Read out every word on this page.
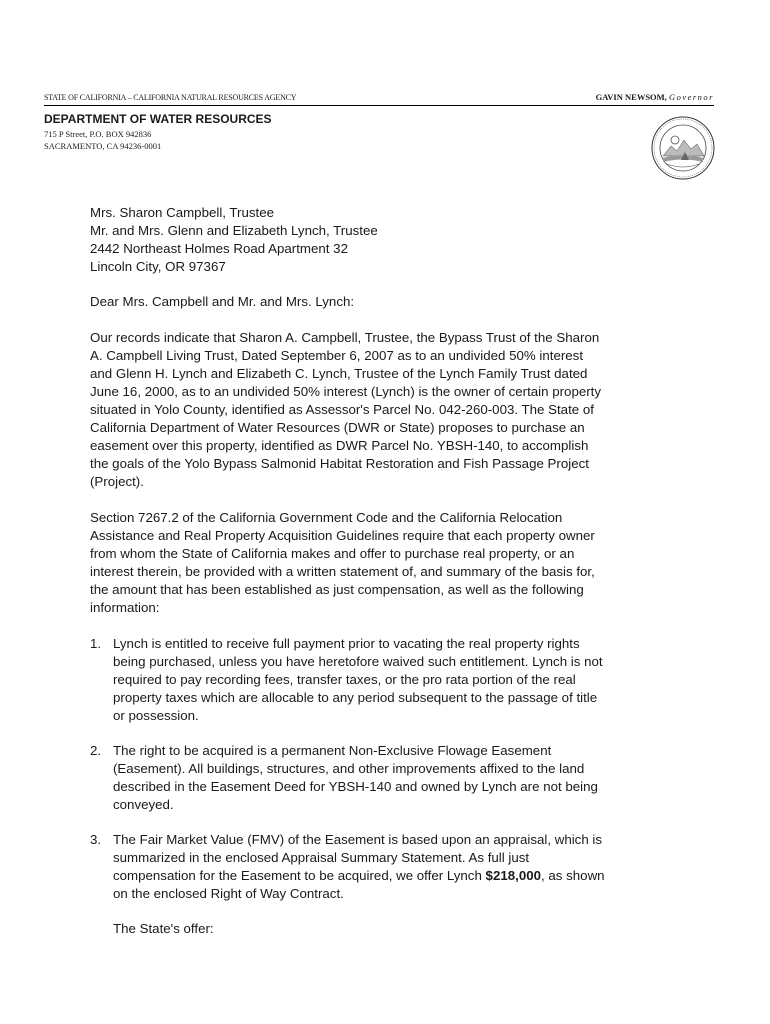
STATE OF CALIFORNIA – CALIFORNIA NATURAL RESOURCES AGENCY	GAVIN NEWSOM, Governor
DEPARTMENT OF WATER RESOURCES
715 P Street, P.O. BOX 942836
SACRAMENTO, CA 94236-0001
Mrs. Sharon Campbell, Trustee
Mr. and Mrs. Glenn and Elizabeth Lynch, Trustee
2442 Northeast Holmes Road Apartment 32
Lincoln City, OR 97367
Dear Mrs. Campbell and Mr. and Mrs. Lynch:
Our records indicate that Sharon A. Campbell, Trustee, the Bypass Trust of the Sharon
A. Campbell Living Trust, Dated September 6, 2007 as to an undivided 50% interest
and Glenn H. Lynch and Elizabeth C. Lynch, Trustee of the Lynch Family Trust dated
June 16, 2000, as to an undivided 50% interest (Lynch) is the owner of certain property
situated in Yolo County, identified as Assessor's Parcel No. 042-260-003. The State of
California Department of Water Resources (DWR or State) proposes to purchase an
easement over this property, identified as DWR Parcel No. YBSH-140, to accomplish
the goals of the Yolo Bypass Salmonid Habitat Restoration and Fish Passage Project
(Project).
Section 7267.2 of the California Government Code and the California Relocation
Assistance and Real Property Acquisition Guidelines require that each property owner
from whom the State of California makes and offer to purchase real property, or an
interest therein, be provided with a written statement of, and summary of the basis for,
the amount that has been established as just compensation, as well as the following
information:
1. Lynch is entitled to receive full payment prior to vacating the real property rights
being purchased, unless you have heretofore waived such entitlement. Lynch is not
required to pay recording fees, transfer taxes, or the pro rata portion of the real
property taxes which are allocable to any period subsequent to the passage of title
or possession.
2. The right to be acquired is a permanent Non-Exclusive Flowage Easement
(Easement). All buildings, structures, and other improvements affixed to the land
described in the Easement Deed for YBSH-140 and owned by Lynch are not being
conveyed.
3. The Fair Market Value (FMV) of the Easement is based upon an appraisal, which is
summarized in the enclosed Appraisal Summary Statement. As full just
compensation for the Easement to be acquired, we offer Lynch $218,000, as shown
on the enclosed Right of Way Contract.
The State's offer:
